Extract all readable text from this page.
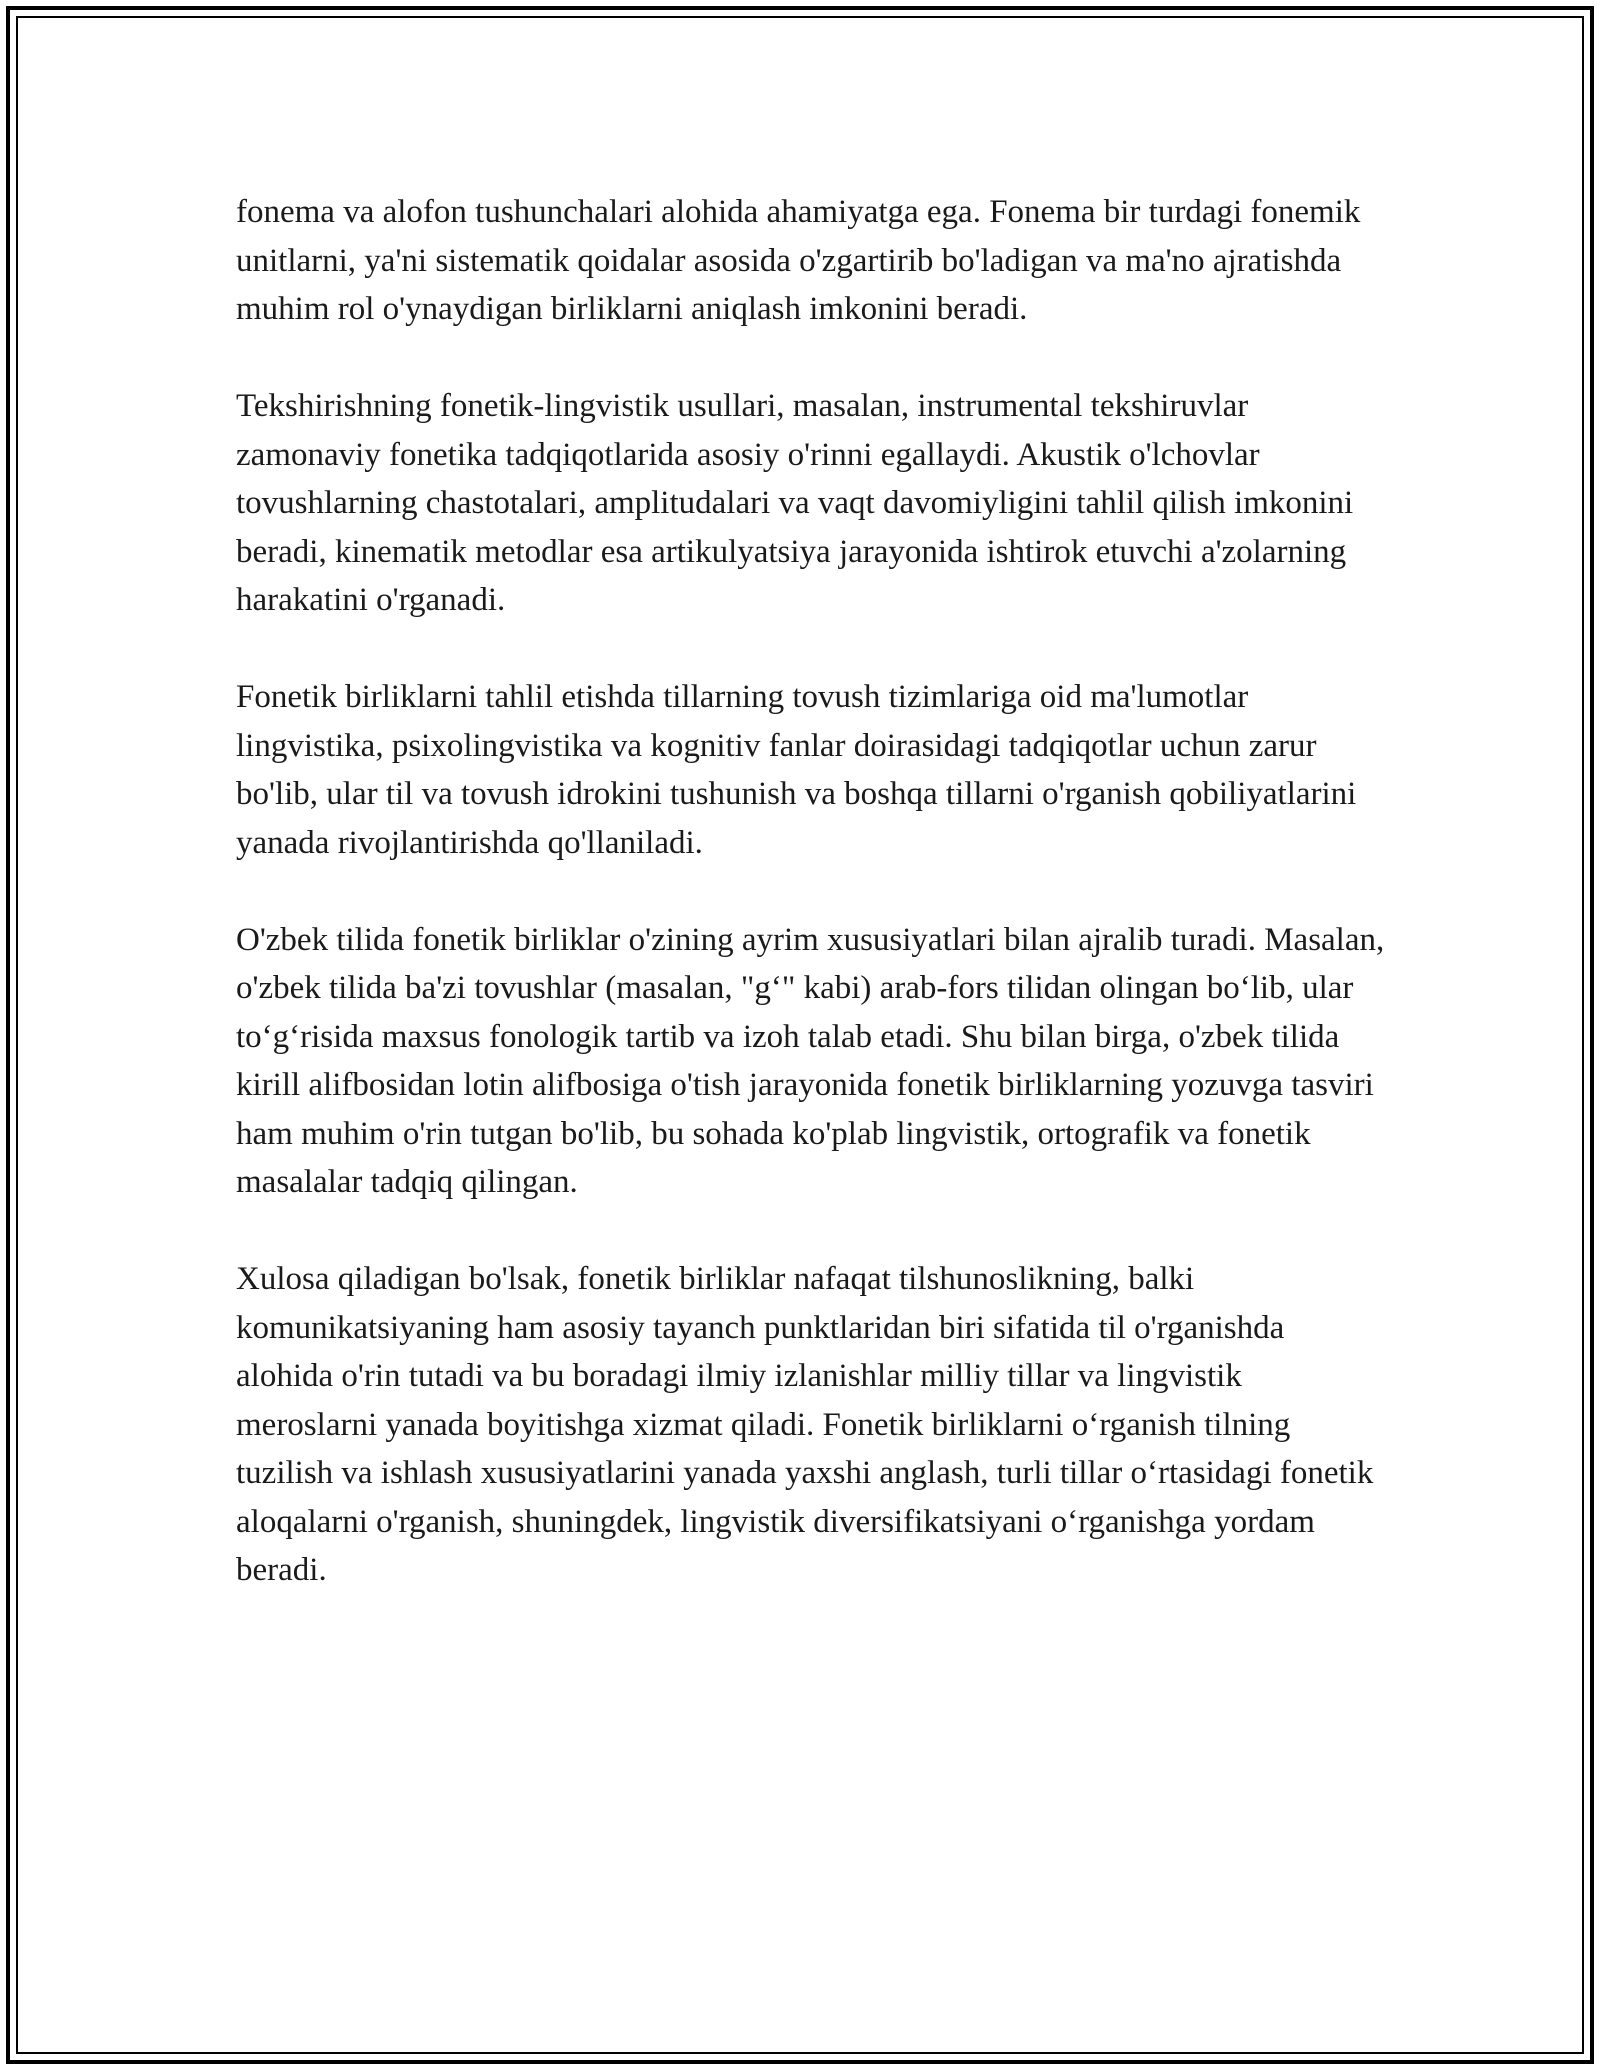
fonema va alofon tushunchalari alohida ahamiyatga ega. Fonema bir turdagi fonemik unitlarni, ya'ni sistematik qoidalar asosida o'zgartirib bo'ladigan va ma'no ajratishda muhim rol o'ynaydigan birliklarni aniqlash imkonini beradi.

Tekshirishning fonetik-lingvistik usullari, masalan, instrumental tekshiruvlar zamonaviy fonetika tadqiqotlarida asosiy o'rinni egallaydi. Akustik o'lchovlar tovushlarning chastotalari, amplitudalari va vaqt davomiyligini tahlil qilish imkonini beradi, kinematik metodlar esa artikulyatsiya jarayonida ishtirok etuvchi a'zolarning harakatini o'rganadi.

Fonetik birliklarni tahlil etishda tillarning tovush tizimlariga oid ma'lumotlar lingvistika, psixolingvistika va kognitiv fanlar doirasidagi tadqiqotlar uchun zarur bo'lib, ular til va tovush idrokini tushunish va boshqa tillarni o'rganish qobiliyatlarini yanada rivojlantirishda qo'llaniladi.

O'zbek tilida fonetik birliklar o'zining ayrim xususiyatlari bilan ajralib turadi. Masalan, o'zbek tilida ba'zi tovushlar (masalan, "g‘" kabi) arab-fors tilidan olingan bo‘lib, ular to‘g‘risida maxsus fonologik tartib va izoh talab etadi. Shu bilan birga, o'zbek tilida kirill alifbosidan lotin alifbosiga o'tish jarayonida fonetik birliklarning yozuvga tasviri ham muhim o'rin tutgan bo'lib, bu sohada ko'plab lingvistik, ortografik va fonetik masalalar tadqiq qilingan.

Xulosa qiladigan bo'lsak, fonetik birliklar nafaqat tilshunoslikning, balki komunikatsiyaning ham asosiy tayanch punktlaridan biri sifatida til o'rganishda alohida o'rin tutadi va bu boradagi ilmiy izlanishlar milliy tillar va lingvistik meroslarni yanada boyitishga xizmat qiladi. Fonetik birliklarni o‘rganish tilning tuzilish va ishlash xususiyatlarini yanada yaxshi anglash, turli tillar o‘rtasidagi fonetik aloqalarni o'rganish, shuningdek, lingvistik diversifikatsiyani o‘rganishga yordam beradi.
